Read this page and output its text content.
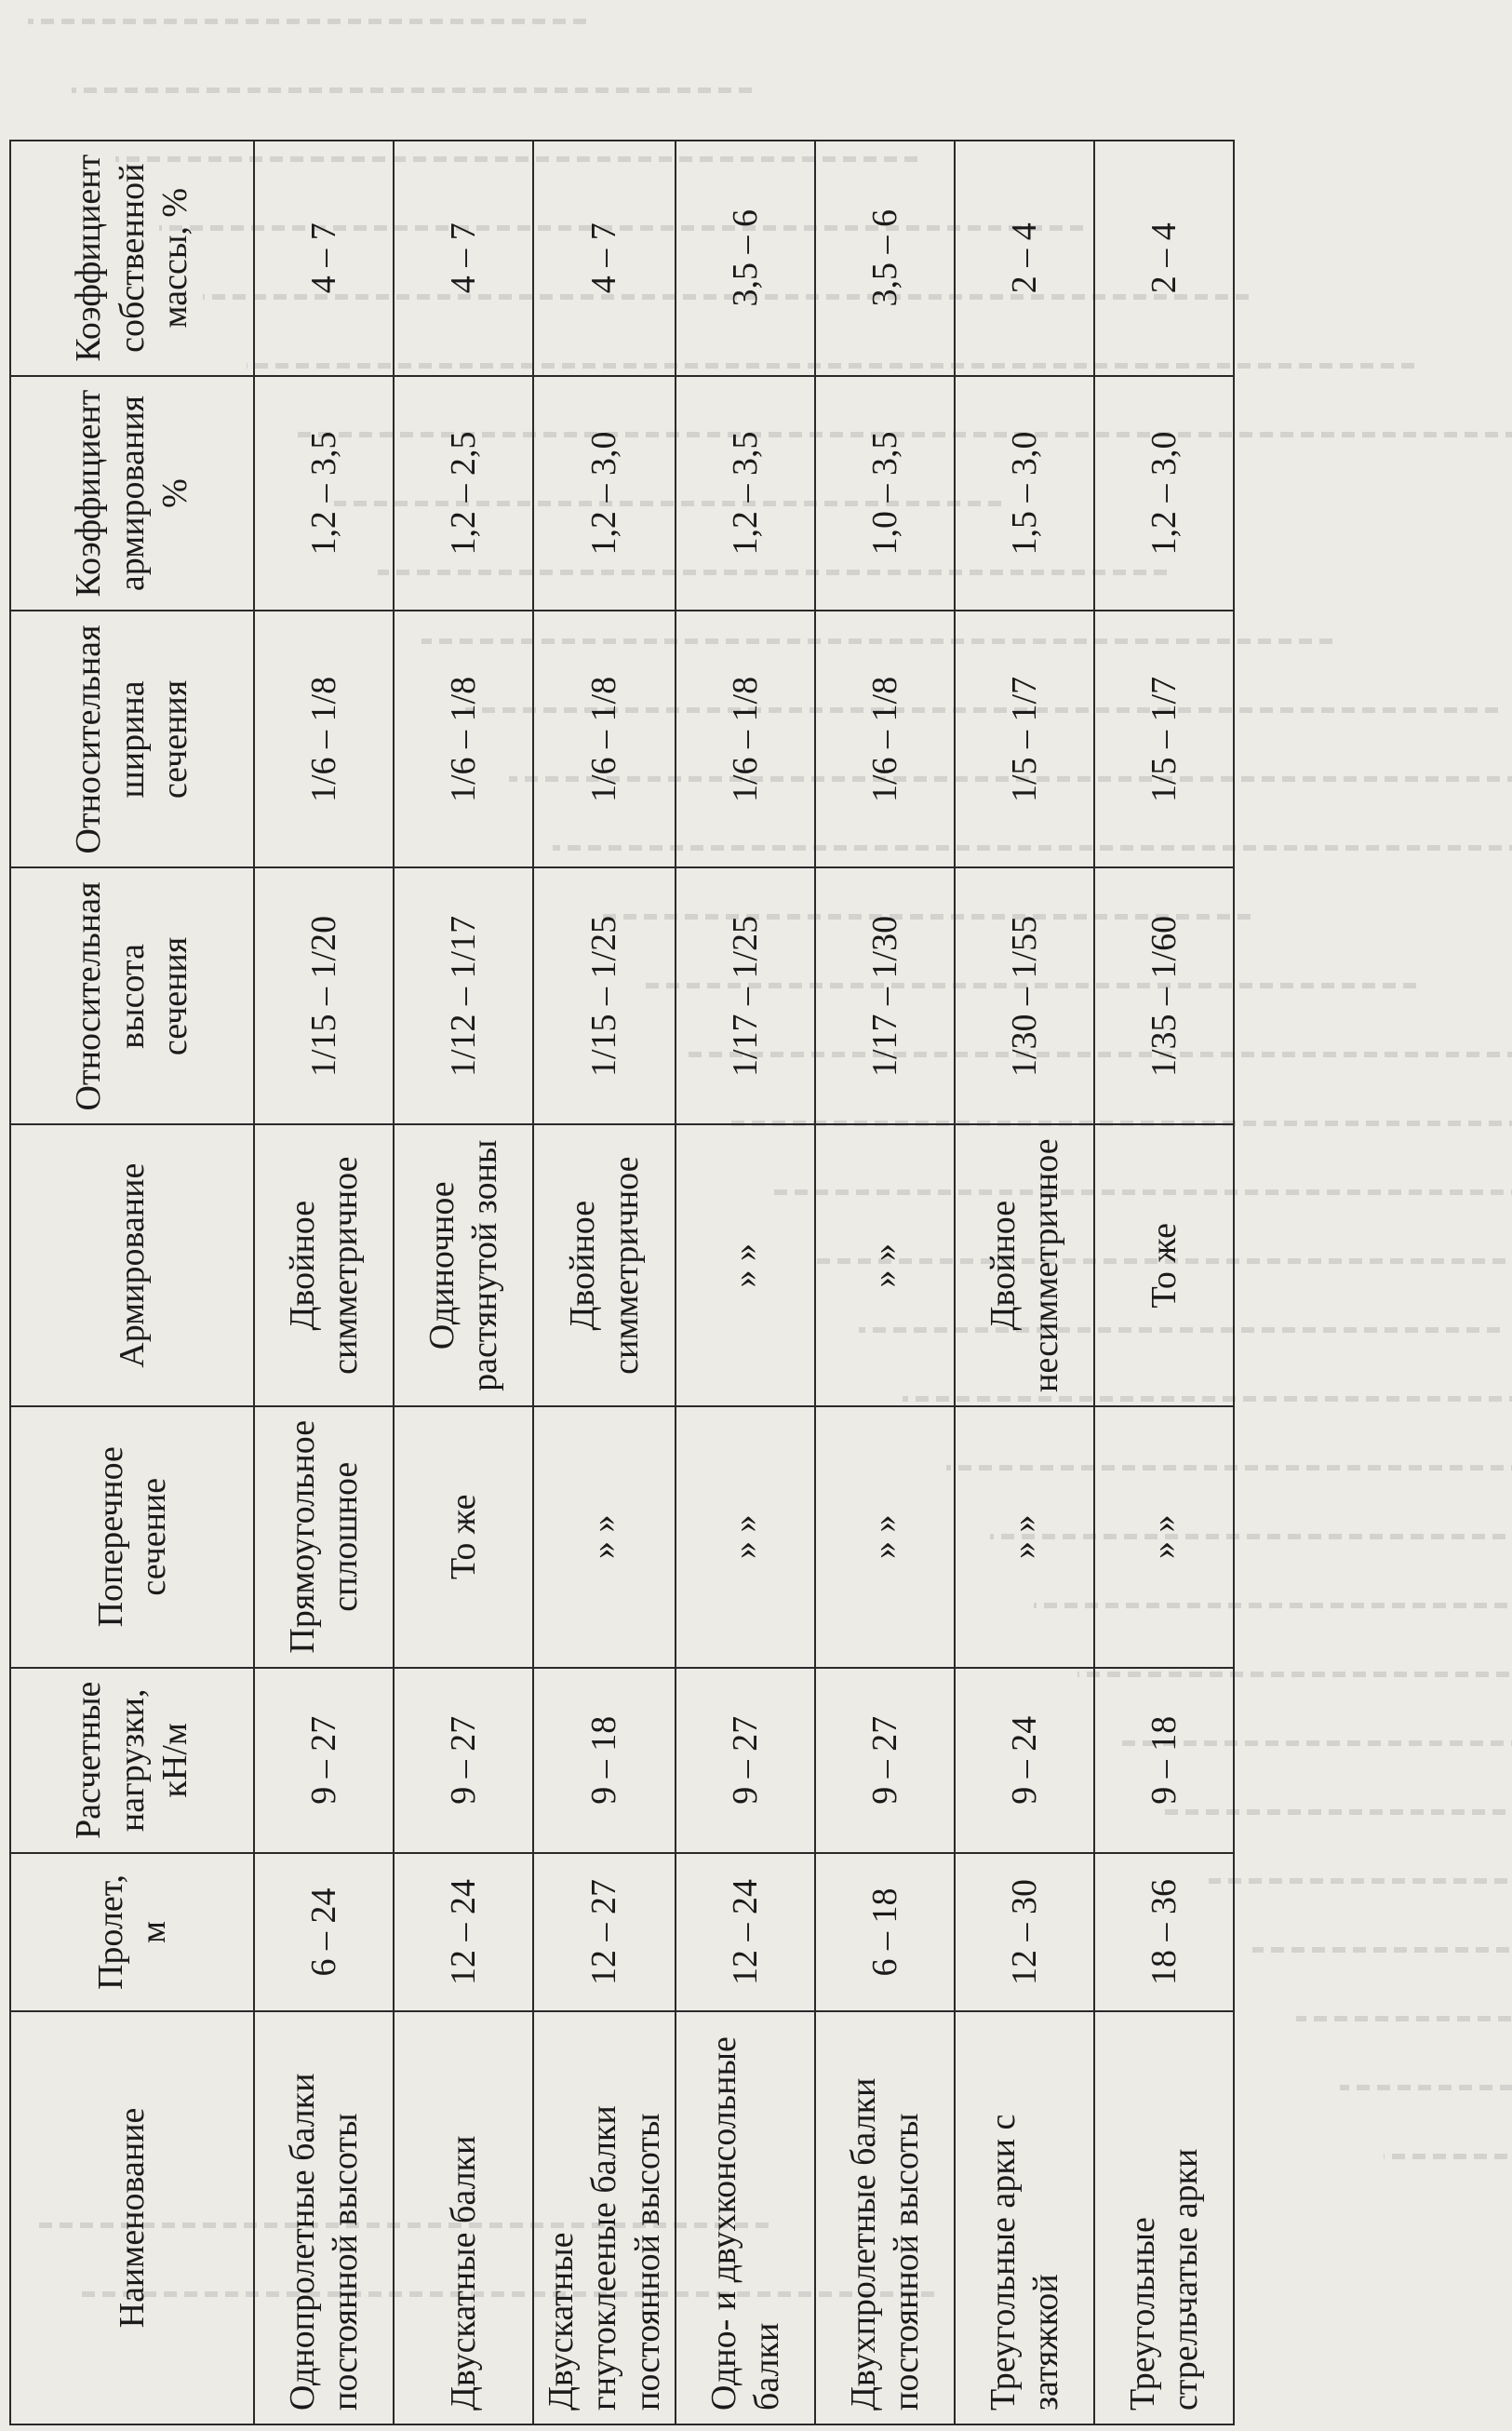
Наименование	Пролет, м	Расчетные нагрузки, кН/м	Поперечное сечение	Армирование	Относительная высота сечения	Относительная ширина сечения	Коэффициент армирования %	Коэффициент собственной массы, %
Однопролетные балки постоянной высоты	6 – 24	9 – 27	Прямоугольное сплошное	Двойное симметричное	1/15 – 1/20	1/6 – 1/8	1,2 – 3,5	4 – 7
Двускатные балки	12 – 24	9 – 27	То же	Одиночное растянутой зоны	1/12 – 1/17	1/6 – 1/8	1,2 – 2,5	4 – 7
Двускатные гнутоклееные балки постоянной высоты	12 – 27	9 – 18	» »	Двойное симметричное	1/15 – 1/25	1/6 – 1/8	1,2 – 3,0	4 – 7
Одно- и двухконсольные балки	12 – 24	9 – 27	» »	» »	1/17 – 1/25	1/6 – 1/8	1,2 – 3,5	3,5 – 6
Двухпролетные балки постоянной высоты	6 – 18	9 – 27	» »	» »	1/17 – 1/30	1/6 – 1/8	1,0 – 3,5	3,5 – 6
Треугольные арки с затяжкой	12 – 30	9 – 24	» »	Двойное несимметричное	1/30 – 1/55	1/5 – 1/7	1,5 – 3,0	2 – 4
Треугольные стрельчатые арки	18 – 36	9 – 18	» »	То же	1/35 – 1/60	1/5 – 1/7	1,2 – 3,0	2 – 4
